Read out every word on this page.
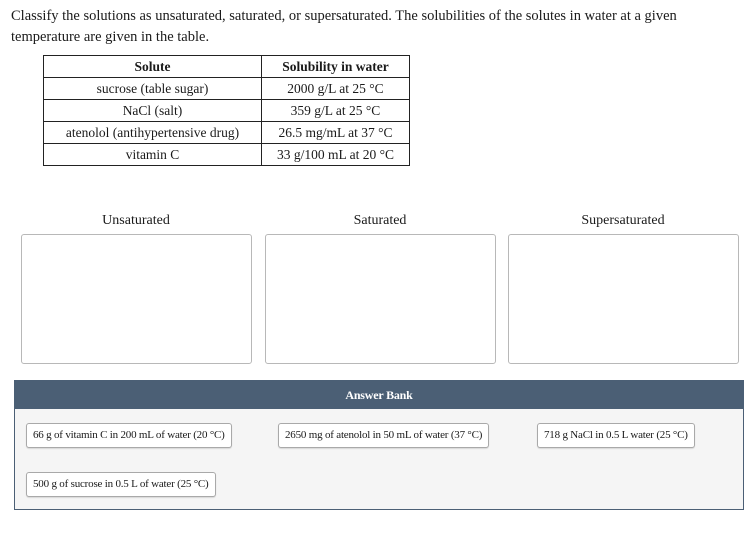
Classify the solutions as unsaturated, saturated, or supersaturated. The solubilities of the solutes in water at a given temperature are given in the table.
Solute	Solubility in water
sucrose (table sugar)	2000 g/L at 25 °C
NaCl (salt)	359 g/L at 25 °C
atenolol (antihypertensive drug)	26.5 mg/mL at 37 °C
vitamin C	33 g/100 mL at 20 °C
Unsaturated	Saturated	Supersaturated
Answer Bank
66 g of vitamin C in 200 mL of water (20 °C)	2650 mg of atenolol in 50 mL of water (37 °C)	718 g NaCl in 0.5 L water (25 °C)
500 g of sucrose in 0.5 L of water (25 °C)
